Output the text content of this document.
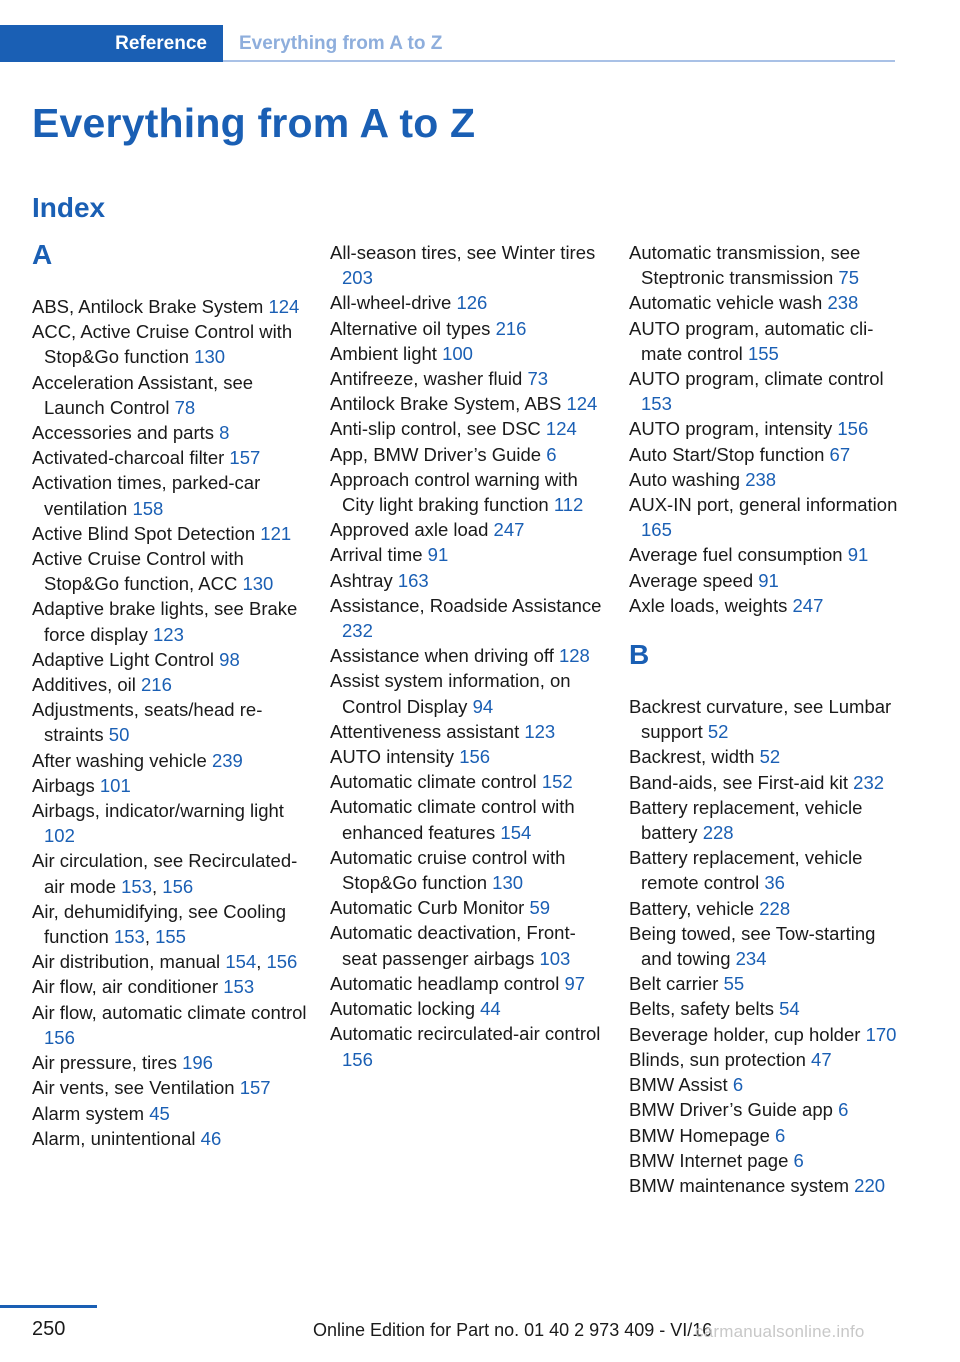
Reference	Everything from A to Z
Everything from A to Z
Index
A
ABS, Antilock Brake System 124
ACC, Active Cruise Control with Stop&Go function 130
Acceleration Assistant, see Launch Control 78
Accessories and parts 8
Activated-charcoal filter 157
Activation times, parked-car ventilation 158
Active Blind Spot Detection 121
Active Cruise Control with Stop&Go function, ACC 130
Adaptive brake lights, see Brake force display 123
Adaptive Light Control 98
Additives, oil 216
Adjustments, seats/head restraints 50
After washing vehicle 239
Airbags 101
Airbags, indicator/warning light 102
Air circulation, see Recirculated-air mode 153, 156
Air, dehumidifying, see Cooling function 153, 155
Air distribution, manual 154, 156
Air flow, air conditioner 153
Air flow, automatic climate control 156
Air pressure, tires 196
Air vents, see Ventilation 157
Alarm system 45
Alarm, unintentional 46
All-season tires, see Winter tires 203
All-wheel-drive 126
Alternative oil types 216
Ambient light 100
Antifreeze, washer fluid 73
Antilock Brake System, ABS 124
Anti-slip control, see DSC 124
App, BMW Driver’s Guide 6
Approach control warning with City light braking function 112
Approved axle load 247
Arrival time 91
Ashtray 163
Assistance, Roadside Assistance 232
Assistance when driving off 128
Assist system information, on Control Display 94
Attentiveness assistant 123
AUTO intensity 156
Automatic climate control 152
Automatic climate control with enhanced features 154
Automatic cruise control with Stop&Go function 130
Automatic Curb Monitor 59
Automatic deactivation, Front-seat passenger airbags 103
Automatic headlamp control 97
Automatic locking 44
Automatic recirculated-air control 156
Automatic transmission, see Steptronic transmission 75
Automatic vehicle wash 238
AUTO program, automatic climate control 155
AUTO program, climate control 153
AUTO program, intensity 156
Auto Start/Stop function 67
Auto washing 238
AUX-IN port, general information 165
Average fuel consumption 91
Average speed 91
Axle loads, weights 247
B
Backrest curvature, see Lumbar support 52
Backrest, width 52
Band-aids, see First-aid kit 232
Battery replacement, vehicle battery 228
Battery replacement, vehicle remote control 36
Battery, vehicle 228
Being towed, see Tow-starting and towing 234
Belt carrier 55
Belts, safety belts 54
Beverage holder, cup holder 170
Blinds, sun protection 47
BMW Assist 6
BMW Driver’s Guide app 6
BMW Homepage 6
BMW Internet page 6
BMW maintenance system 220
250	Online Edition for Part no. 01 40 2 973 409 - VI/16
carmanualsonline.info
